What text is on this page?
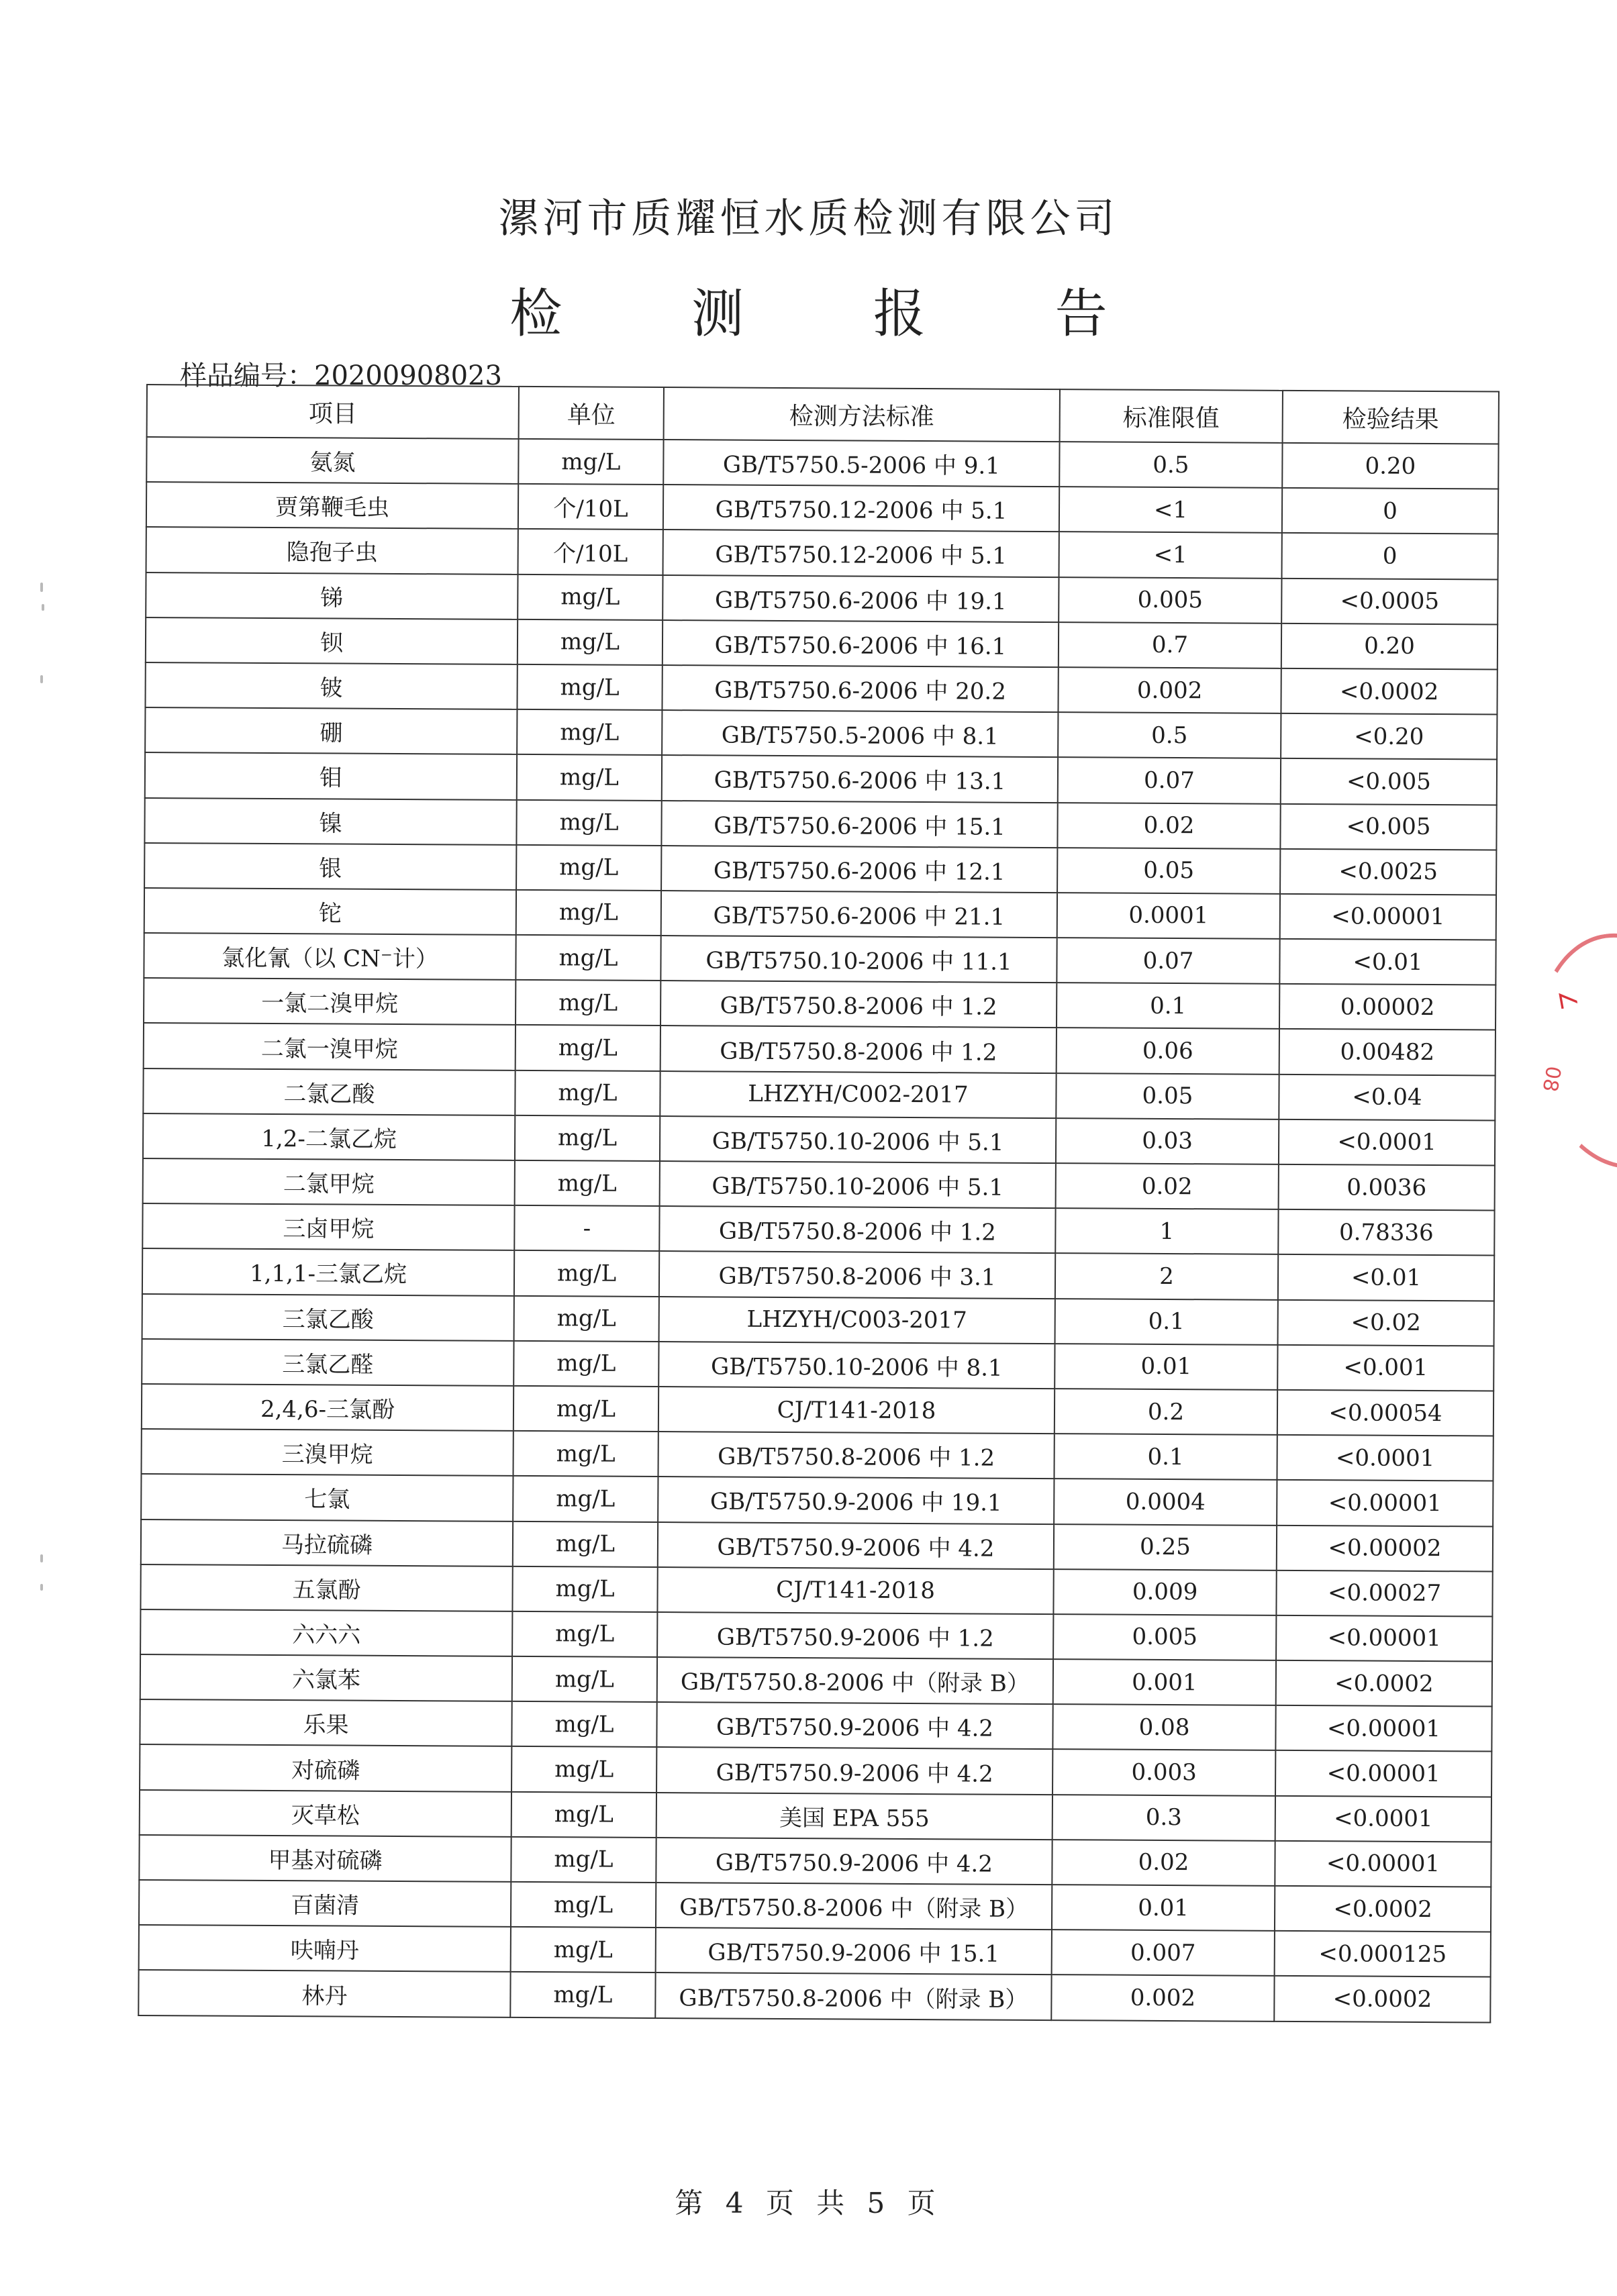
漯河市质耀恒水质检测有限公司
检 测 报 告
样品编号：20200908023
项目	单位	检测方法标准	标准限值	检验结果
氨氮	mg/L	GB/T5750.5-2006 中 9.1	0.5	0.20
贾第鞭毛虫	个/10L	GB/T5750.12-2006 中 5.1	<1	0
隐孢子虫	个/10L	GB/T5750.12-2006 中 5.1	<1	0
锑	mg/L	GB/T5750.6-2006 中 19.1	0.005	<0.0005
钡	mg/L	GB/T5750.6-2006 中 16.1	0.7	0.20
铍	mg/L	GB/T5750.6-2006 中 20.2	0.002	<0.0002
硼	mg/L	GB/T5750.5-2006 中 8.1	0.5	<0.20
钼	mg/L	GB/T5750.6-2006 中 13.1	0.07	<0.005
镍	mg/L	GB/T5750.6-2006 中 15.1	0.02	<0.005
银	mg/L	GB/T5750.6-2006 中 12.1	0.05	<0.0025
铊	mg/L	GB/T5750.6-2006 中 21.1	0.0001	<0.00001
氯化氰（以 CN⁻计）	mg/L	GB/T5750.10-2006 中 11.1	0.07	<0.01
一氯二溴甲烷	mg/L	GB/T5750.8-2006 中 1.2	0.1	0.00002
二氯一溴甲烷	mg/L	GB/T5750.8-2006 中 1.2	0.06	0.00482
二氯乙酸	mg/L	LHZYH/C002-2017	0.05	<0.04
1,2-二氯乙烷	mg/L	GB/T5750.10-2006 中 5.1	0.03	<0.0001
二氯甲烷	mg/L	GB/T5750.10-2006 中 5.1	0.02	0.0036
三卤甲烷	-	GB/T5750.8-2006 中 1.2	1	0.78336
1,1,1-三氯乙烷	mg/L	GB/T5750.8-2006 中 3.1	2	<0.01
三氯乙酸	mg/L	LHZYH/C003-2017	0.1	<0.02
三氯乙醛	mg/L	GB/T5750.10-2006 中 8.1	0.01	<0.001
2,4,6-三氯酚	mg/L	CJ/T141-2018	0.2	<0.00054
三溴甲烷	mg/L	GB/T5750.8-2006 中 1.2	0.1	<0.0001
七氯	mg/L	GB/T5750.9-2006 中 19.1	0.0004	<0.00001
马拉硫磷	mg/L	GB/T5750.9-2006 中 4.2	0.25	<0.00002
五氯酚	mg/L	CJ/T141-2018	0.009	<0.00027
六六六	mg/L	GB/T5750.9-2006 中 1.2	0.005	<0.00001
六氯苯	mg/L	GB/T5750.8-2006 中（附录 B）	0.001	<0.0002
乐果	mg/L	GB/T5750.9-2006 中 4.2	0.08	<0.00001
对硫磷	mg/L	GB/T5750.9-2006 中 4.2	0.003	<0.00001
灭草松	mg/L	美国 EPA 555	0.3	<0.0001
甲基对硫磷	mg/L	GB/T5750.9-2006 中 4.2	0.02	<0.00001
百菌清	mg/L	GB/T5750.8-2006 中（附录 B）	0.01	<0.0002
呋喃丹	mg/L	GB/T5750.9-2006 中 15.1	0.007	<0.000125
林丹	mg/L	GB/T5750.8-2006 中（附录 B）	0.002	<0.0002
第 4 页 共 5 页
∠
08
